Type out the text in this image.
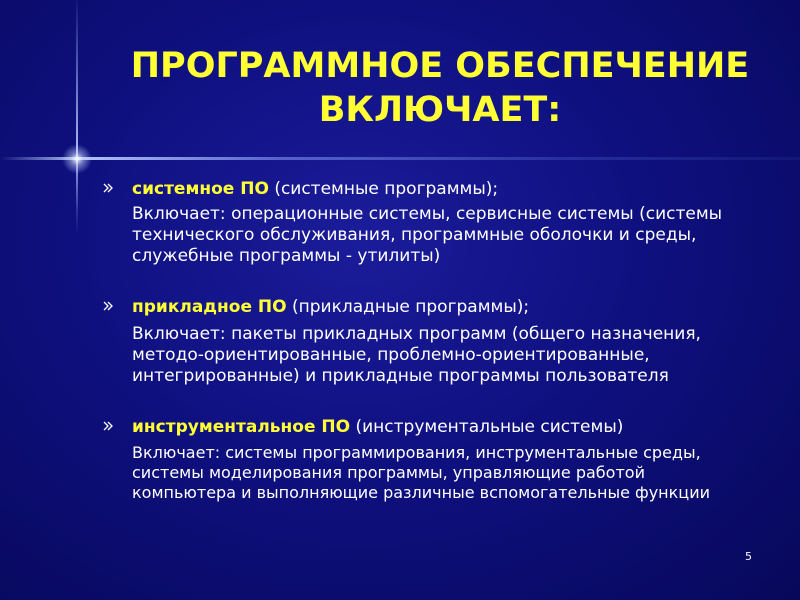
ПРОГРАММНОЕ ОБЕСПЕЧЕНИЕ ВКЛЮЧАЕТ:
системное ПО (системные программы);
Включает: операционные системы, сервисные системы (системы технического обслуживания, программные оболочки и среды, служебные программы - утилиты)
прикладное ПО (прикладные программы);
Включает: пакеты прикладных программ (общего назначения, методо-ориентированные, проблемно-ориентированные, интегрированные) и прикладные программы пользователя
инструментальное ПО (инструментальные системы)
Включает: системы программирования, инструментальные среды, системы моделирования программы, управляющие работой компьютера и выполняющие различные вспомогательные функции
5
